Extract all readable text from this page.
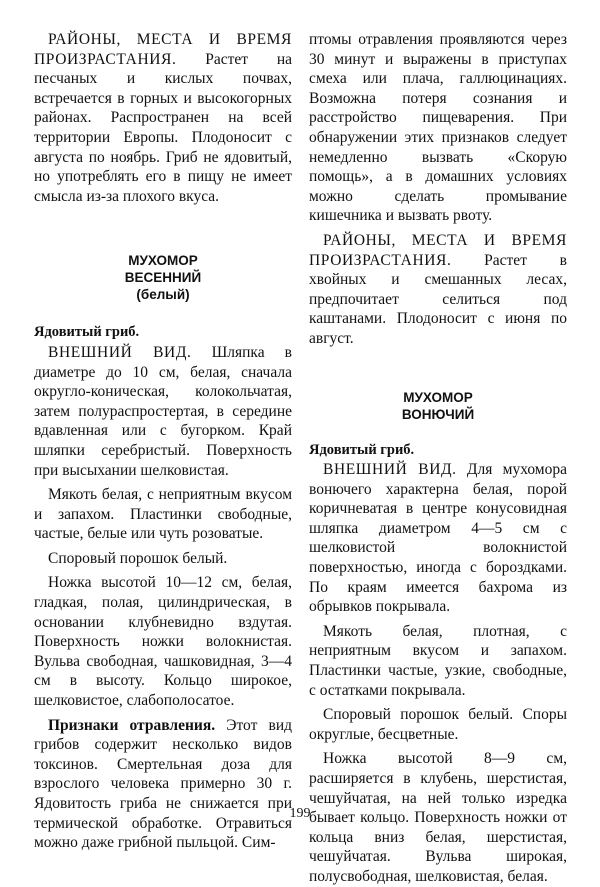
РАЙОНЫ, МЕСТА И ВРЕМЯ ПРОИЗРАСТАНИЯ. Растет на песчаных и кислых почвах, встречается в горных и высокогорных районах. Распространен на всей территории Европы. Плодоносит с августа по ноябрь. Гриб не ядовитый, но употреблять его в пищу не имеет смысла из-за плохого вкуса.

МУХОМОР
ВЕСЕННИЙ
(белый)

Ядовитый гриб.

ВНЕШНИЙ ВИД. Шляпка в диаметре до 10 см, белая, сначала округло-коническая, колокольчатая, затем полураспростертая, в середине вдавленная или с бугорком. Край шляпки серебристый. Поверхность при высыхании шелковистая.

Мякоть белая, с неприятным вкусом и запахом. Пластинки свободные, частые, белые или чуть розоватые.

Споровый порошок белый.

Ножка высотой 10—12 см, белая, гладкая, полая, цилиндрическая, в основании клубневидно вздутая. Поверхность ножки волокнистая. Вульва свободная, чашковидная, 3—4 см в высоту. Кольцо широкое, шелковистое, слабополосатое.

Признаки отравления. Этот вид грибов содержит несколько видов токсинов. Смертельная доза для взрослого человека примерно 30 г. Ядовитость гриба не снижается при термической обработке. Отравиться можно даже грибной пыльцой. Сим-

птомы отравления проявляются через 30 минут и выражены в приступах смеха или плача, галлюцинациях. Возможна потеря сознания и расстройство пищеварения. При обнаружении этих признаков следует немедленно вызвать «Скорую помощь», а в домашних условиях можно сделать промывание кишечника и вызвать рвоту.

РАЙОНЫ, МЕСТА И ВРЕМЯ ПРОИЗРАСТАНИЯ. Растет в хвойных и смешанных лесах, предпочитает селиться под каштанами. Плодоносит с июня по август.

МУХОМОР
ВОНЮЧИЙ

Ядовитый гриб.

ВНЕШНИЙ ВИД. Для мухомора вонючего характерна белая, порой коричневатая в центре конусовидная шляпка диаметром 4—5 см с шелковистой волокнистой поверхностью, иногда с бороздками. По краям имеется бахрома из обрывков покрывала.

Мякоть белая, плотная, с неприятным вкусом и запахом. Пластинки частые, узкие, свободные, с остатками покрывала.

Споровый порошок белый. Споры округлые, бесцветные.

Ножка высотой 8—9 см, расширяется в клубень, шерстистая, чешуйчатая, на ней только изредка бывает кольцо. Поверхность ножки от кольца вниз белая, шерстистая, чешуйчатая. Вульва широкая, полусвободная, шелковистая, белая.

199
